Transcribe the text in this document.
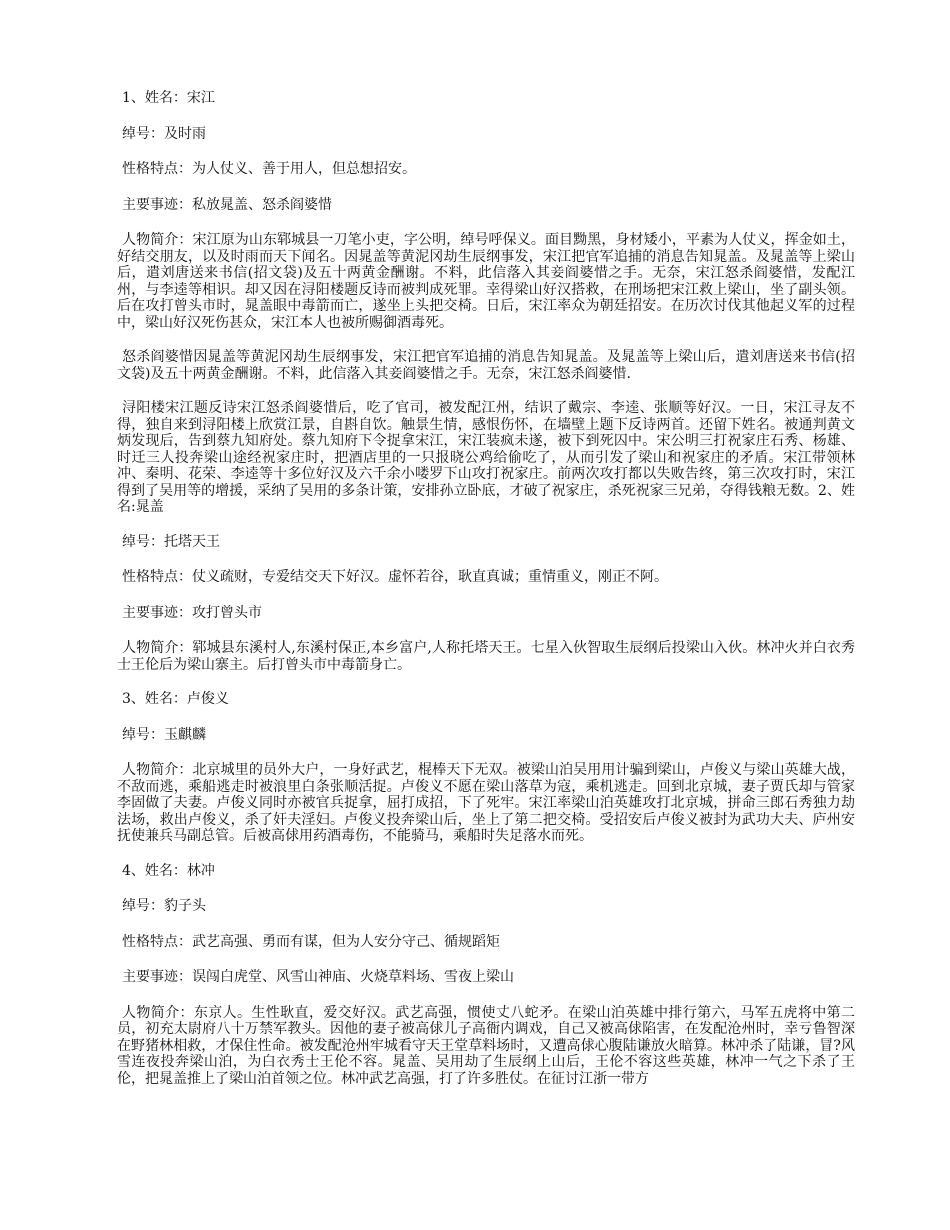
1、姓名：宋江

绰号：及时雨

性格特点：为人仗义、善于用人，但总想招安。

主要事迹：私放晁盖、怒杀阎婆惜

人物简介：宋江原为山东郓城县一刀笔小吏，字公明，绰号呼保义。面目黝黑，身材矮小，平素为人仗义，挥金如土，好结交朋友，以及时雨而天下闻名。因晁盖等黄泥冈劫生辰纲事发，宋江把官军追捕的消息告知晁盖。及晁盖等上梁山后，遣刘唐送来书信(招文袋)及五十两黄金酬谢。不料，此信落入其妾阎婆惜之手。无奈，宋江怒杀阎婆惜，发配江州，与李逵等相识。却又因在浔阳楼题反诗而被判成死罪。幸得梁山好汉搭救，在刑场把宋江救上梁山，坐了副头领。后在攻打曾头市时，晁盖眼中毒箭而亡，遂坐上头把交椅。日后，宋江率众为朝廷招安。在历次讨伐其他起义军的过程中，梁山好汉死伤甚众，宋江本人也被所赐御酒毒死。

怒杀阎婆惜因晁盖等黄泥冈劫生辰纲事发，宋江把官军追捕的消息告知晁盖。及晁盖等上梁山后，遣刘唐送来书信(招文袋)及五十两黄金酬谢。不料，此信落入其妾阎婆惜之手。无奈，宋江怒杀阎婆惜.

浔阳楼宋江题反诗宋江怒杀阎婆惜后，吃了官司，被发配江州，结识了戴宗、李逵、张顺等好汉。一日，宋江寻友不得，独自来到浔阳楼上欣赏江景，自斟自饮。触景生情，感恨伤怀，在墙壁上题下反诗两首。还留下姓名。被通判黄文炳发现后，告到蔡九知府处。蔡九知府下令捉拿宋江，宋江装疯未遂，被下到死囚中。宋公明三打祝家庄石秀、杨雄、时迁三人投奔梁山途经祝家庄时，把酒店里的一只报晓公鸡给偷吃了，从而引发了梁山和祝家庄的矛盾。宋江带领林冲、秦明、花荣、李逵等十多位好汉及六千余小喽罗下山攻打祝家庄。前两次攻打都以失败告终，第三次攻打时，宋江得到了吴用等的增援，采纳了吴用的多条计策，安排孙立卧底，才破了祝家庄，杀死祝家三兄弟，夺得钱粮无数。2、姓名:晁盖

绰号：托塔天王

性格特点：仗义疏财，专爱结交天下好汉。虚怀若谷，耿直真诚；重情重义，刚正不阿。

主要事迹：攻打曾头市

人物简介：郓城县东溪村人,东溪村保正,本乡富户,人称托塔天王。七星入伙智取生辰纲后投梁山入伙。林冲火并白衣秀士王伦后为梁山寨主。后打曾头市中毒箭身亡。

3、姓名：卢俊义

绰号：玉麒麟

人物简介：北京城里的员外大户，一身好武艺，棍棒天下无双。被梁山泊吴用用计骗到梁山，卢俊义与梁山英雄大战，不敌而逃，乘船逃走时被浪里白条张顺活捉。卢俊义不愿在梁山落草为寇，乘机逃走。回到北京城，妻子贾氏却与管家李固做了夫妻。卢俊义同时亦被官兵捉拿，屈打成招，下了死牢。宋江率梁山泊英雄攻打北京城，拼命三郎石秀独力劫法场，救出卢俊义，杀了奸夫淫妇。卢俊义投奔梁山后，坐上了第二把交椅。受招安后卢俊义被封为武功大夫、庐州安抚使兼兵马副总管。后被高俅用药酒毒伤，不能骑马，乘船时失足落水而死。

4、姓名：林冲

绰号：豹子头

性格特点：武艺高强、勇而有谋，但为人安分守己、循规蹈矩

主要事迹：误闯白虎堂、风雪山神庙、火烧草料场、雪夜上梁山

人物简介：东京人。生性耿直，爱交好汉。武艺高强，惯使丈八蛇矛。在梁山泊英雄中排行第六，马军五虎将中第二员，初充太尉府八十万禁军教头。因他的妻子被高俅儿子高衙内调戏，自己又被高俅陷害，在发配沧州时，幸亏鲁智深在野猪林相救，才保住性命。被发配沧州牢城看守天王堂草料场时，又遭高俅心腹陆谦放火暗算。林冲杀了陆谦，冒?风雪连夜投奔梁山泊，为白衣秀士王伦不容。晁盖、吴用劫了生辰纲上山后，王伦不容这些英雄，林冲一气之下杀了王伦，把晁盖推上了梁山泊首领之位。林冲武艺高强，打了许多胜仗。在征讨江浙一带方
